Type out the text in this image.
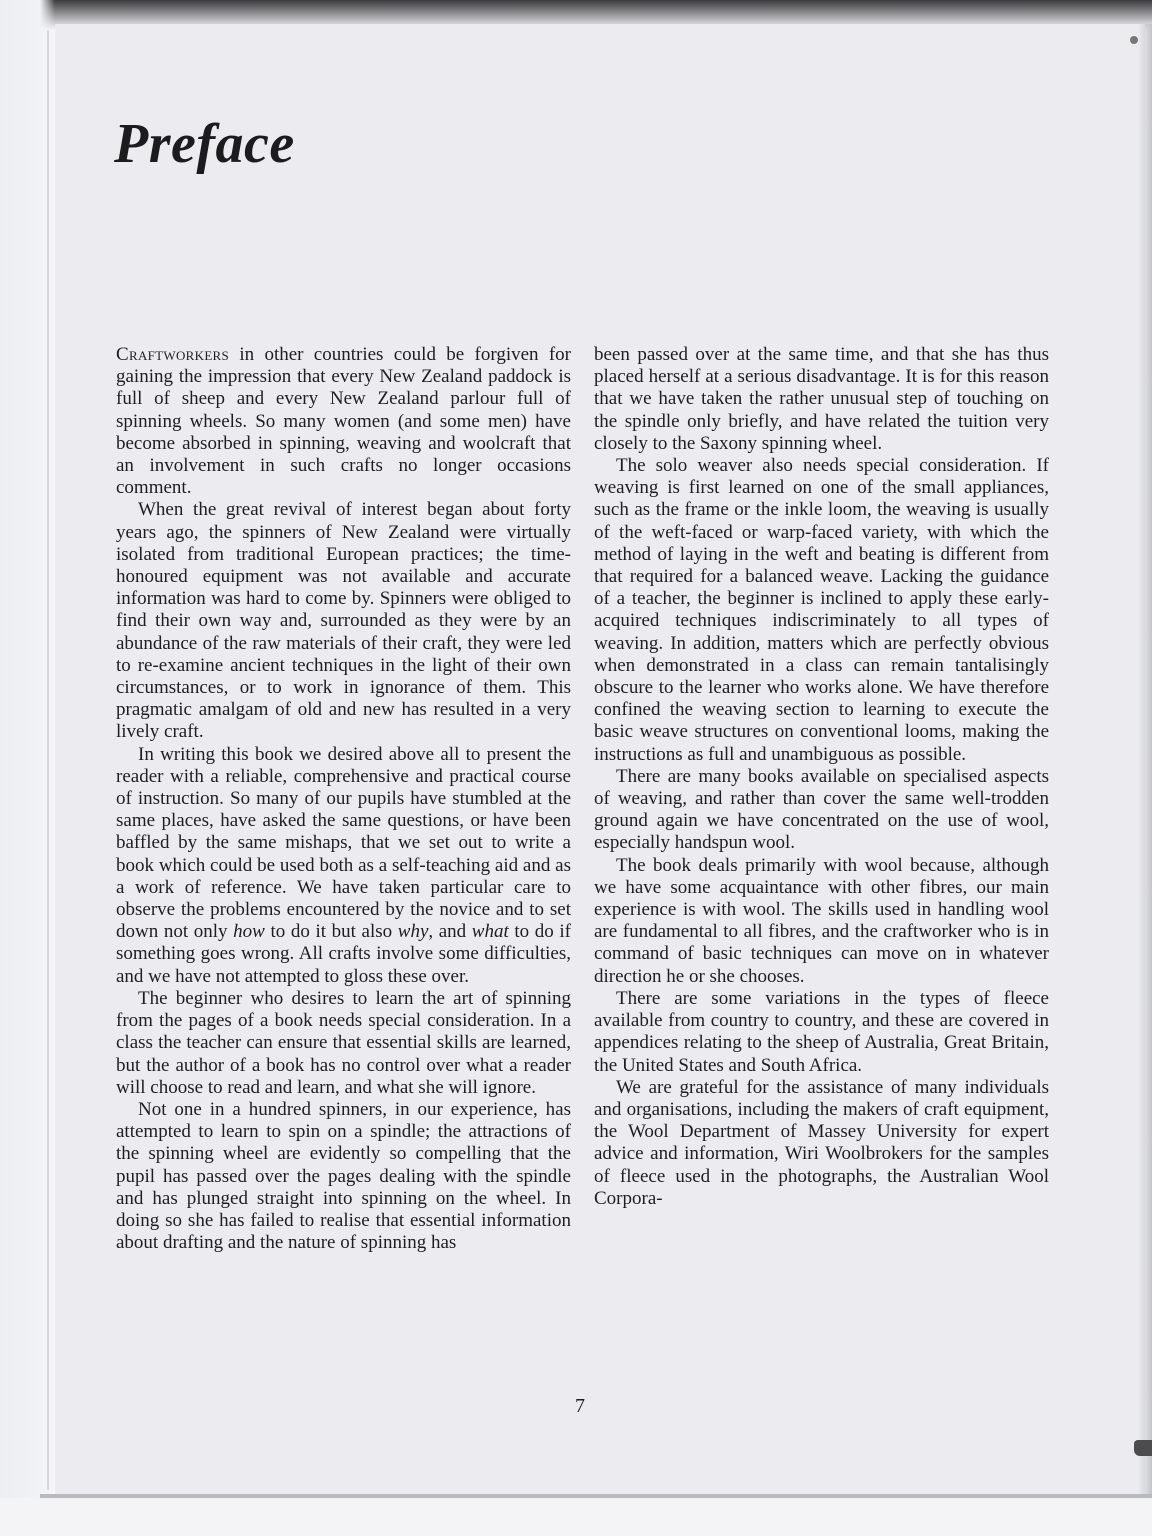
Preface

Craftworkers in other countries could be forgiven for gaining the impression that every New Zealand paddock is full of sheep and every New Zealand parlour full of spinning wheels. So many women (and some men) have become absorbed in spinning, weaving and woolcraft that an involvement in such crafts no longer occasions comment.

When the great revival of interest began about forty years ago, the spinners of New Zealand were virtually isolated from traditional European practices; the time-honoured equipment was not available and accurate information was hard to come by. Spinners were obliged to find their own way and, surrounded as they were by an abundance of the raw materials of their craft, they were led to re-examine ancient techniques in the light of their own circumstances, or to work in ignorance of them. This pragmatic amalgam of old and new has resulted in a very lively craft.

In writing this book we desired above all to present the reader with a reliable, comprehensive and practical course of instruction. So many of our pupils have stumbled at the same places, have asked the same questions, or have been baffled by the same mishaps, that we set out to write a book which could be used both as a self-teaching aid and as a work of reference. We have taken particular care to observe the problems encountered by the novice and to set down not only how to do it but also why, and what to do if something goes wrong. All crafts involve some difficulties, and we have not attempted to gloss these over.

The beginner who desires to learn the art of spinning from the pages of a book needs special consideration. In a class the teacher can ensure that essential skills are learned, but the author of a book has no control over what a reader will choose to read and learn, and what she will ignore.

Not one in a hundred spinners, in our experience, has attempted to learn to spin on a spindle; the attractions of the spinning wheel are evidently so compelling that the pupil has passed over the pages dealing with the spindle and has plunged straight into spinning on the wheel. In doing so she has failed to realise that essential information about drafting and the nature of spinning has

been passed over at the same time, and that she has thus placed herself at a serious disadvantage. It is for this reason that we have taken the rather unusual step of touching on the spindle only briefly, and have related the tuition very closely to the Saxony spinning wheel.

The solo weaver also needs special consideration. If weaving is first learned on one of the small appliances, such as the frame or the inkle loom, the weaving is usually of the weft-faced or warp-faced variety, with which the method of laying in the weft and beating is different from that required for a balanced weave. Lacking the guidance of a teacher, the beginner is inclined to apply these early-acquired techniques indiscriminately to all types of weaving. In addition, matters which are perfectly obvious when demonstrated in a class can remain tantalisingly obscure to the learner who works alone. We have therefore confined the weaving section to learning to execute the basic weave structures on conventional looms, making the instructions as full and unambiguous as possible.

There are many books available on specialised aspects of weaving, and rather than cover the same well-trodden ground again we have concentrated on the use of wool, especially handspun wool.

The book deals primarily with wool because, although we have some acquaintance with other fibres, our main experience is with wool. The skills used in handling wool are fundamental to all fibres, and the craftworker who is in command of basic techniques can move on in whatever direction he or she chooses.

There are some variations in the types of fleece available from country to country, and these are covered in appendices relating to the sheep of Australia, Great Britain, the United States and South Africa.

We are grateful for the assistance of many individuals and organisations, including the makers of craft equipment, the Wool Department of Massey University for expert advice and information, Wiri Woolbrokers for the samples of fleece used in the photographs, the Australian Wool Corpora-

7
